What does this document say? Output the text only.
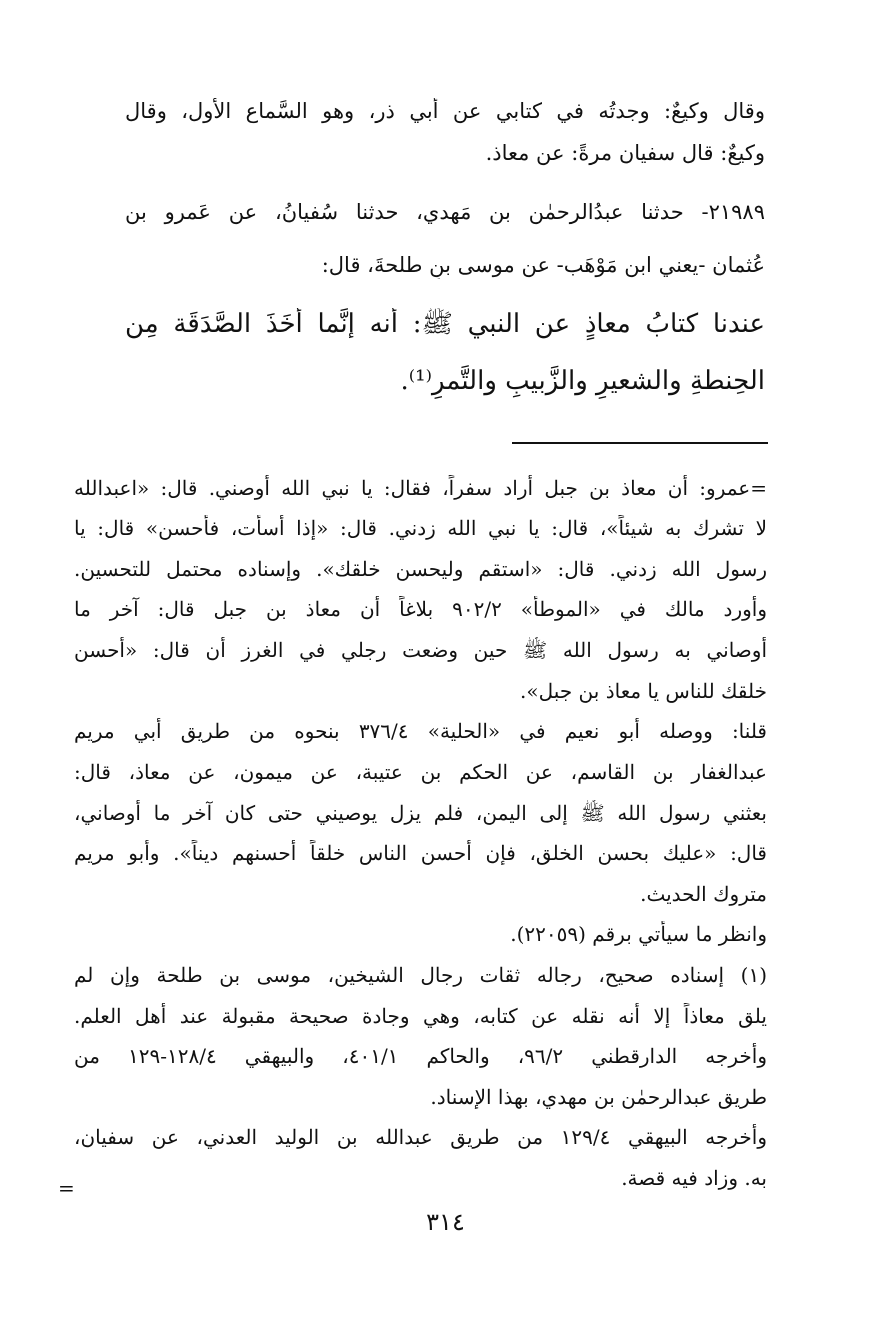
وقال وكيعٌ: وجدتُه في كتابي عن أبي ذر، وهو السَّماع الأول، وقال
وكيعٌ: قال سفيان مرةً: عن معاذ.
٢١٩٨٩- حدثنا عبدُالرحمٰن بن مَهدي، حدثنا سُفيانُ، عن عَمرو بن
عُثمان -يعني ابن مَوْهَب- عن موسى بنِ طلحةَ، قال:
عندنا كتابُ معاذٍ عن النبي ﷺ: أنه إنَّما أَخَذَ الصَّدَقَة مِن
الحِنطةِ والشعيرِ والزَّبيبِ والتَّمرِ⁽¹⁾.
=عمرو: أن معاذ بن جبل أراد سفراً، فقال: يا نبي الله أوصني. قال: «اعبدالله
لا تشرك به شيئاً»، قال: يا نبي الله زدني. قال: «إذا أسأت، فأحسن» قال: يا
رسول الله زدني. قال: «استقم وليحسن خلقك». وإسناده محتمل للتحسين.
وأورد مالك في «الموطأ» ٩٠٢/٢ بلاغاً أن معاذ بن جبل قال: آخر ما
أوصاني به رسول الله ﷺ حين وضعت رجلي في الغرز أن قال: «أحسن
خلقك للناس يا معاذ بن جبل».
قلنا: ووصله أبو نعيم في «الحلية» ٣٧٦/٤ بنحوه من طريق أبي مريم
عبدالغفار بن القاسم، عن الحكم بن عتيبة، عن ميمون، عن معاذ، قال:
بعثني رسول الله ﷺ إلى اليمن، فلم يزل يوصيني حتى كان آخر ما أوصاني،
قال: «عليك بحسن الخلق، فإن أحسن الناس خلقاً أحسنهم ديناً». وأبو مريم
متروك الحديث.
وانظر ما سيأتي برقم (٢٢٠٥٩).
(١) إسناده صحيح، رجاله ثقات رجال الشيخين، موسى بن طلحة وإن لم
يلق معاذاً إلا أنه نقله عن كتابه، وهي وجادة صحيحة مقبولة عند أهل العلم.
وأخرجه الدارقطني ٩٦/٢، والحاكم ٤٠١/١، والبيهقي ١٢٨/٤-١٢٩ من
طريق عبدالرحمٰن بن مهدي، بهذا الإسناد.
وأخرجه البيهقي ١٢٩/٤ من طريق عبدالله بن الوليد العدني، عن سفيان،
به. وزاد فيه قصة.
=
٣١٤
